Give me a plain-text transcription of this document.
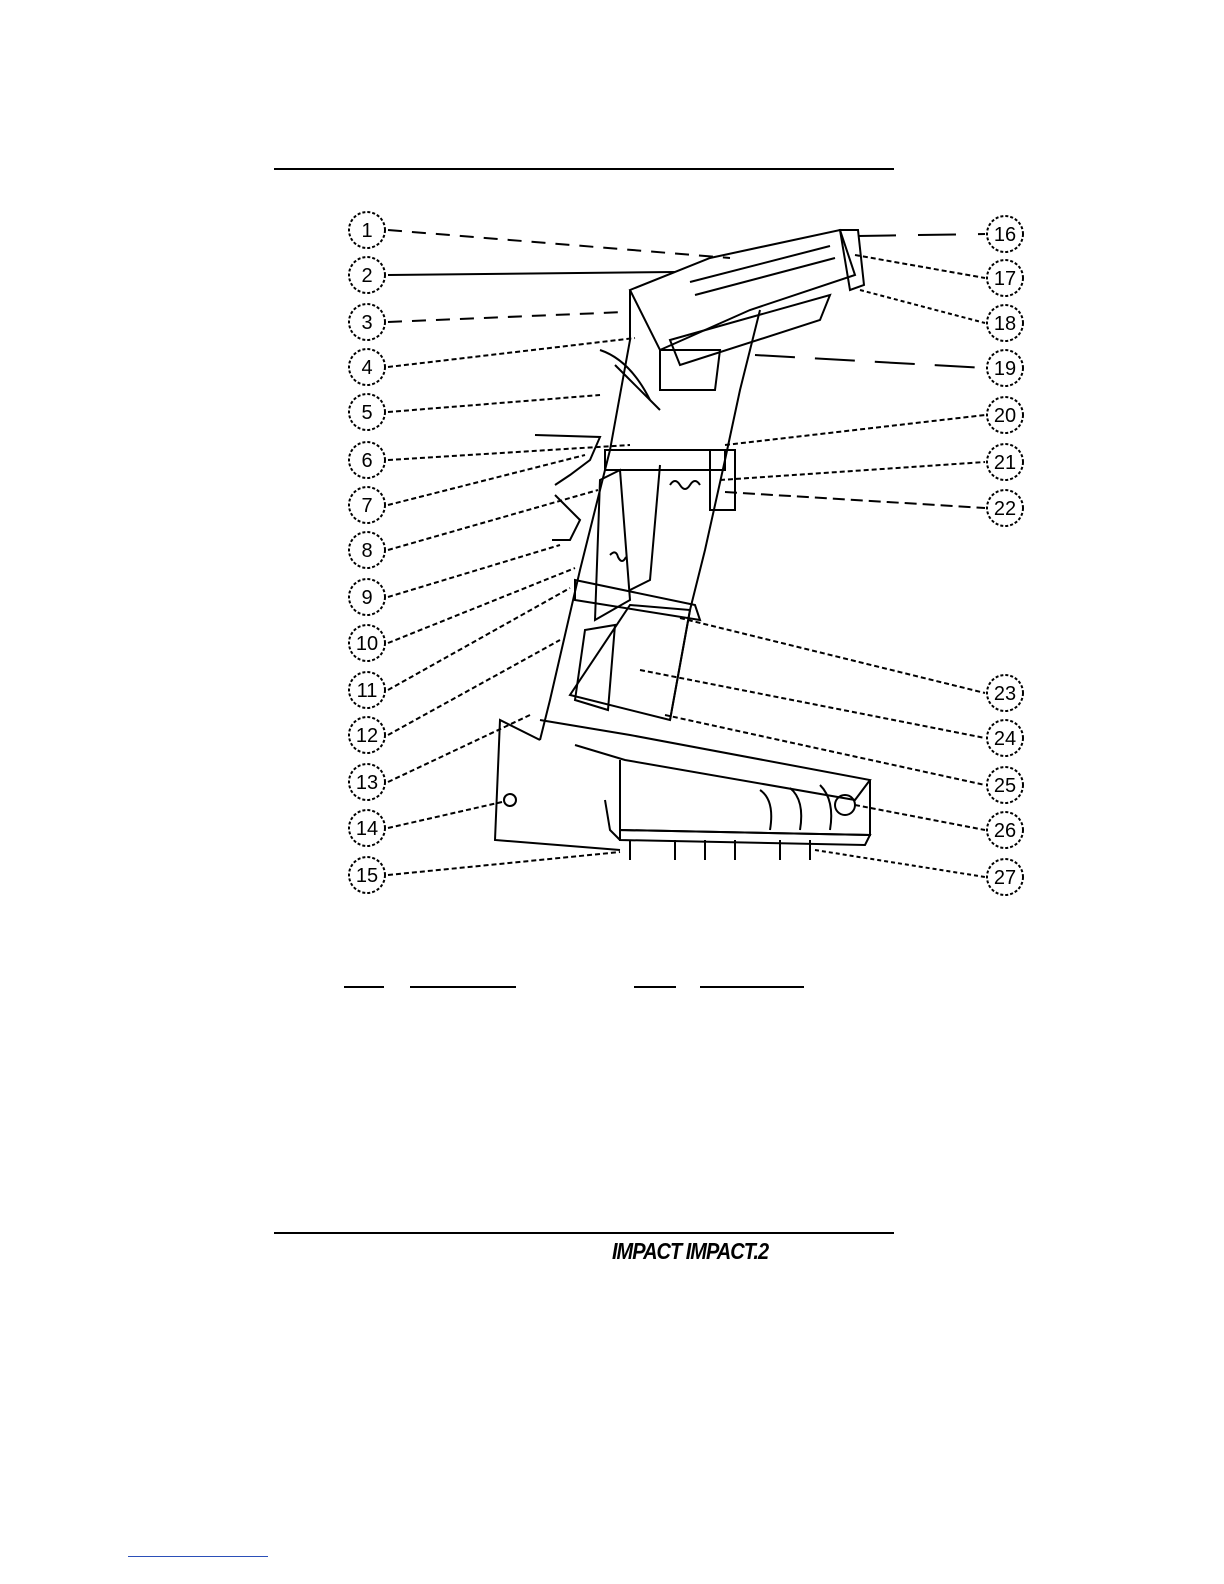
1
2
3
4
5
6
7
8
9
10
11
12
13
14
15
16
17
18
19
20
21
22
23
24
25
26
27
IMPACT IMPACT.2
